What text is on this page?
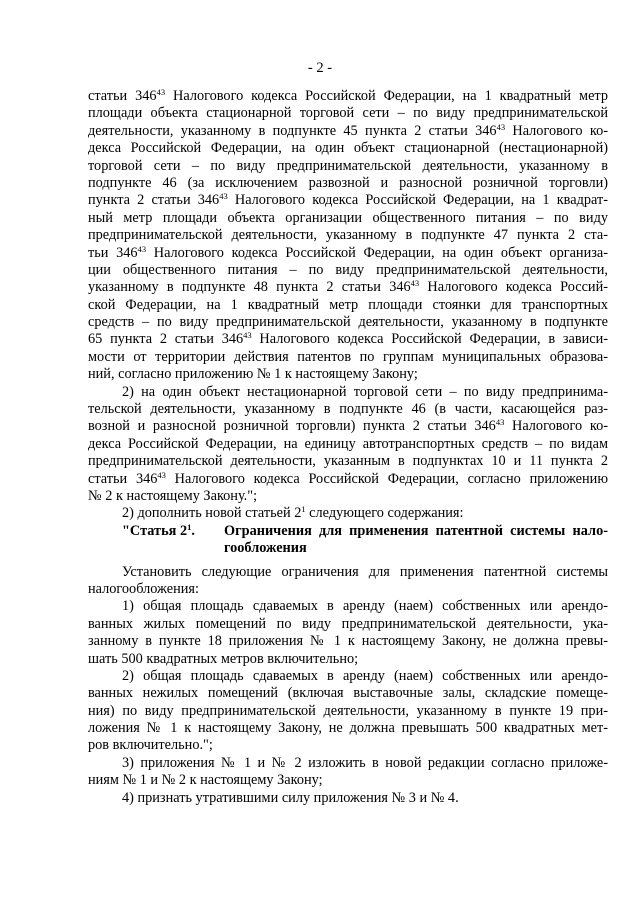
- 2 -
статьи $346^{43}$ Налогового кодекса Российской Федерации, на 1 квадратный метр
площади объекта стационарной торговой сети – по виду предпринимательской
деятельности, указанному в подпункте 45 пункта 2 статьи $346^{43}$ Налогового ко-
декса Российской Федерации, на один объект стационарной (нестационарной)
торговой сети – по виду предпринимательской деятельности, указанному в
подпункте 46 (за исключением развозной и разносной розничной торговли)
пункта 2 статьи $346^{43}$ Налогового кодекса Российской Федерации, на 1 квадрат-
ный метр площади объекта организации общественного питания – по виду
предпринимательской деятельности, указанному в подпункте 47 пункта 2 ста-
тьи $346^{43}$ Налогового кодекса Российской Федерации, на один объект организа-
ции общественного питания – по виду предпринимательской деятельности,
указанному в подпункте 48 пункта 2 статьи $346^{43}$ Налогового кодекса Россий-
ской Федерации, на 1 квадратный метр площади стоянки для транспортных
средств – по виду предпринимательской деятельности, указанному в подпункте
65 пункта 2 статьи $346^{43}$ Налогового кодекса Российской Федерации, в зависи-
мости от территории действия патентов по группам муниципальных образова-
ний, согласно приложению № 1 к настоящему Закону;
2) на один объект нестационарной торговой сети – по виду предпринима-
тельской деятельности, указанному в подпункте 46 (в части, касающейся раз-
возной и разносной розничной торговли) пункта 2 статьи $346^{43}$ Налогового ко-
декса Российской Федерации, на единицу автотранспортных средств – по видам
предпринимательской деятельности, указанным в подпунктах 10 и 11 пункта 2
статьи $346^{43}$ Налогового кодекса Российской Федерации, согласно приложению
№ 2 к настоящему Закону.";
2) дополнить новой статьей $2^1$ следующего содержания:
"Статья $2^1$.	Ограничения для применения патентной системы нало-
гообложения
Установить следующие ограничения для применения патентной системы
налогообложения:
1) общая площадь сдаваемых в аренду (наем) собственных или арендо-
ванных жилых помещений по виду предпринимательской деятельности, ука-
занному в пункте 18 приложения № 1 к настоящему Закону, не должна превы-
шать 500 квадратных метров включительно;
2) общая площадь сдаваемых в аренду (наем) собственных или арендо-
ванных нежилых помещений (включая выставочные залы, складские помеще-
ния) по виду предпринимательской деятельности, указанному в пункте 19 при-
ложения № 1 к настоящему Закону, не должна превышать 500 квадратных мет-
ров включительно.";
3) приложения № 1 и № 2 изложить в новой редакции согласно приложе-
ниям № 1 и № 2 к настоящему Закону;
4) признать утратившими силу приложения № 3 и № 4.
